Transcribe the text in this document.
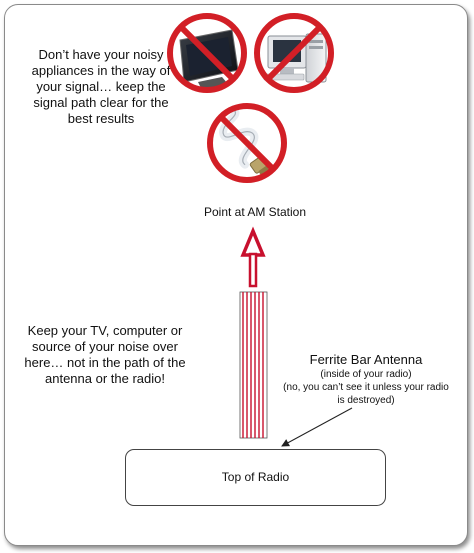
Don’t have your noisy appliances in the way of your signal… keep the signal path clear for the best results
Point at AM Station
Keep your TV, computer or source of your noise over here… not in the path of the antenna or the radio!
Ferrite Bar Antenna
(inside of your radio)
(no, you can’t see it unless your radio is destroyed)
Top of Radio
